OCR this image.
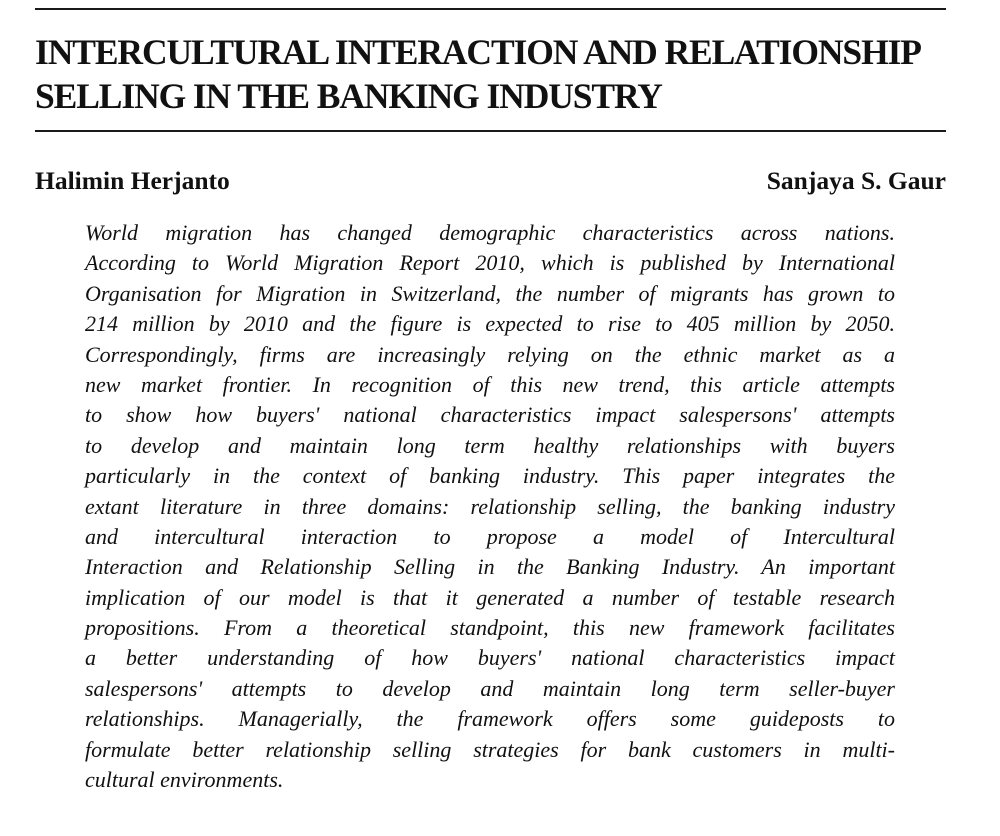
INTERCULTURAL INTERACTION AND RELATIONSHIP
SELLING IN THE BANKING INDUSTRY
Halimin Herjanto	Sanjaya S. Gaur
World migration has changed demographic characteristics across nations.
According to World Migration Report 2010, which is published by International
Organisation for Migration in Switzerland, the number of migrants has grown to
214 million by 2010 and the figure is expected to rise to 405 million by 2050.
Correspondingly, firms are increasingly relying on the ethnic market as a
new market frontier. In recognition of this new trend, this article attempts
to show how buyers' national characteristics impact salespersons' attempts
to develop and maintain long term healthy relationships with buyers
particularly in the context of banking industry. This paper integrates the
extant literature in three domains: relationship selling, the banking industry
and intercultural interaction to propose a model of Intercultural
Interaction and Relationship Selling in the Banking Industry. An important
implication of our model is that it generated a number of testable research
propositions. From a theoretical standpoint, this new framework facilitates
a better understanding of how buyers' national characteristics impact
salespersons' attempts to develop and maintain long term seller-buyer
relationships. Managerially, the framework offers some guideposts to
formulate better relationship selling strategies for bank customers in multi-
cultural environments.
